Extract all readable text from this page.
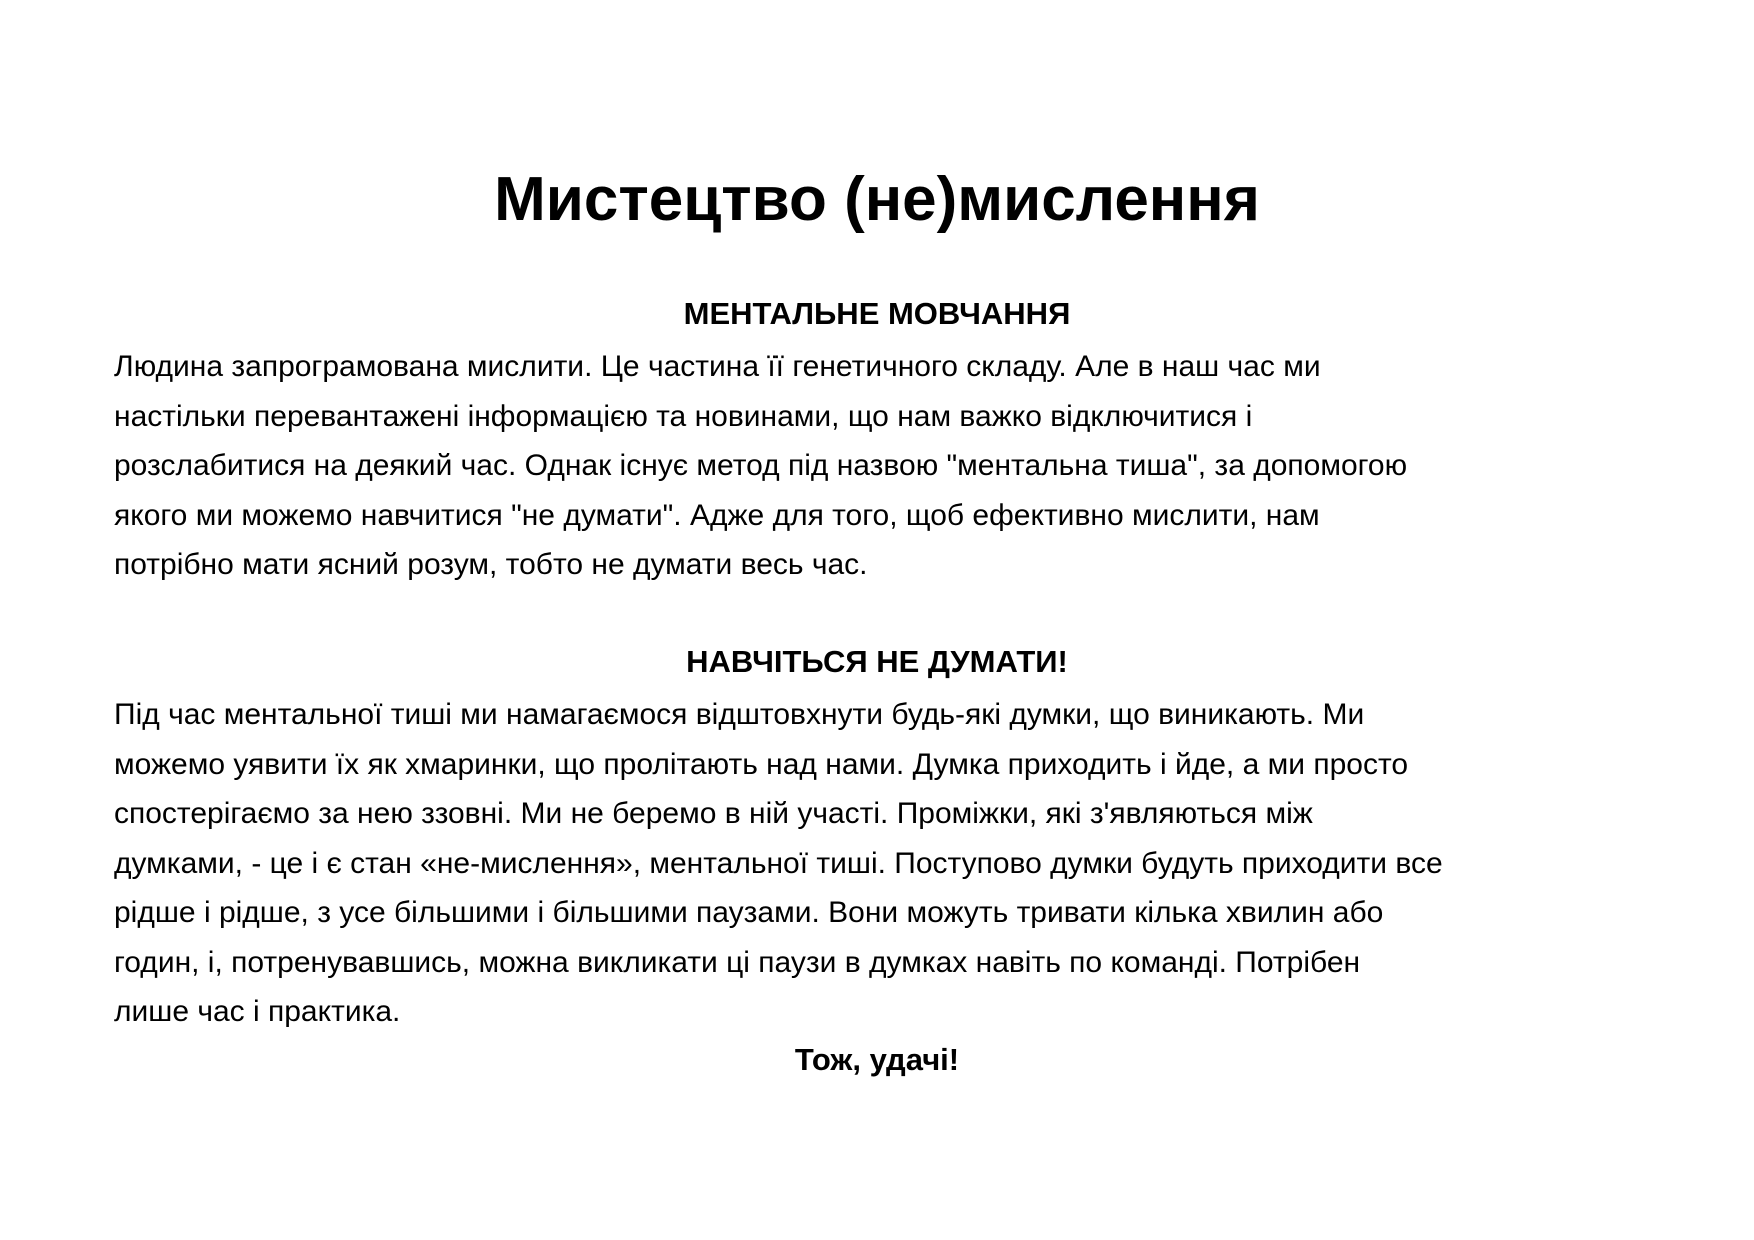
Мистецтво (не)мислення
МЕНТАЛЬНЕ МОВЧАННЯ
Людина запрограмована мислити. Це частина її генетичного складу. Але в наш час ми
настільки перевантажені інформацією та новинами, що нам важко відключитися і
розслабитися на деякий час. Однак існує метод під назвою "ментальна тиша", за допомогою
якого ми можемо навчитися "не думати". Адже для того, щоб ефективно мислити, нам
потрібно мати ясний розум, тобто не думати весь час.
НАВЧІТЬСЯ НЕ ДУМАТИ!
Під час ментальної тиші ми намагаємося відштовхнути будь-які думки, що виникають. Ми
можемо уявити їх як хмаринки, що пролітають над нами. Думка приходить і йде, а ми просто
спостерігаємо за нею ззовні. Ми не беремо в ній участі. Проміжки, які з'являються між
думками, - це і є стан «не-мислення», ментальної тиші. Поступово думки будуть приходити все
рідше і рідше, з усе більшими і більшими паузами. Вони можуть тривати кілька хвилин або
годин, і, потренувавшись, можна викликати ці паузи в думках навіть по команді. Потрібен
лише час і практика.

Тож, удачі!
